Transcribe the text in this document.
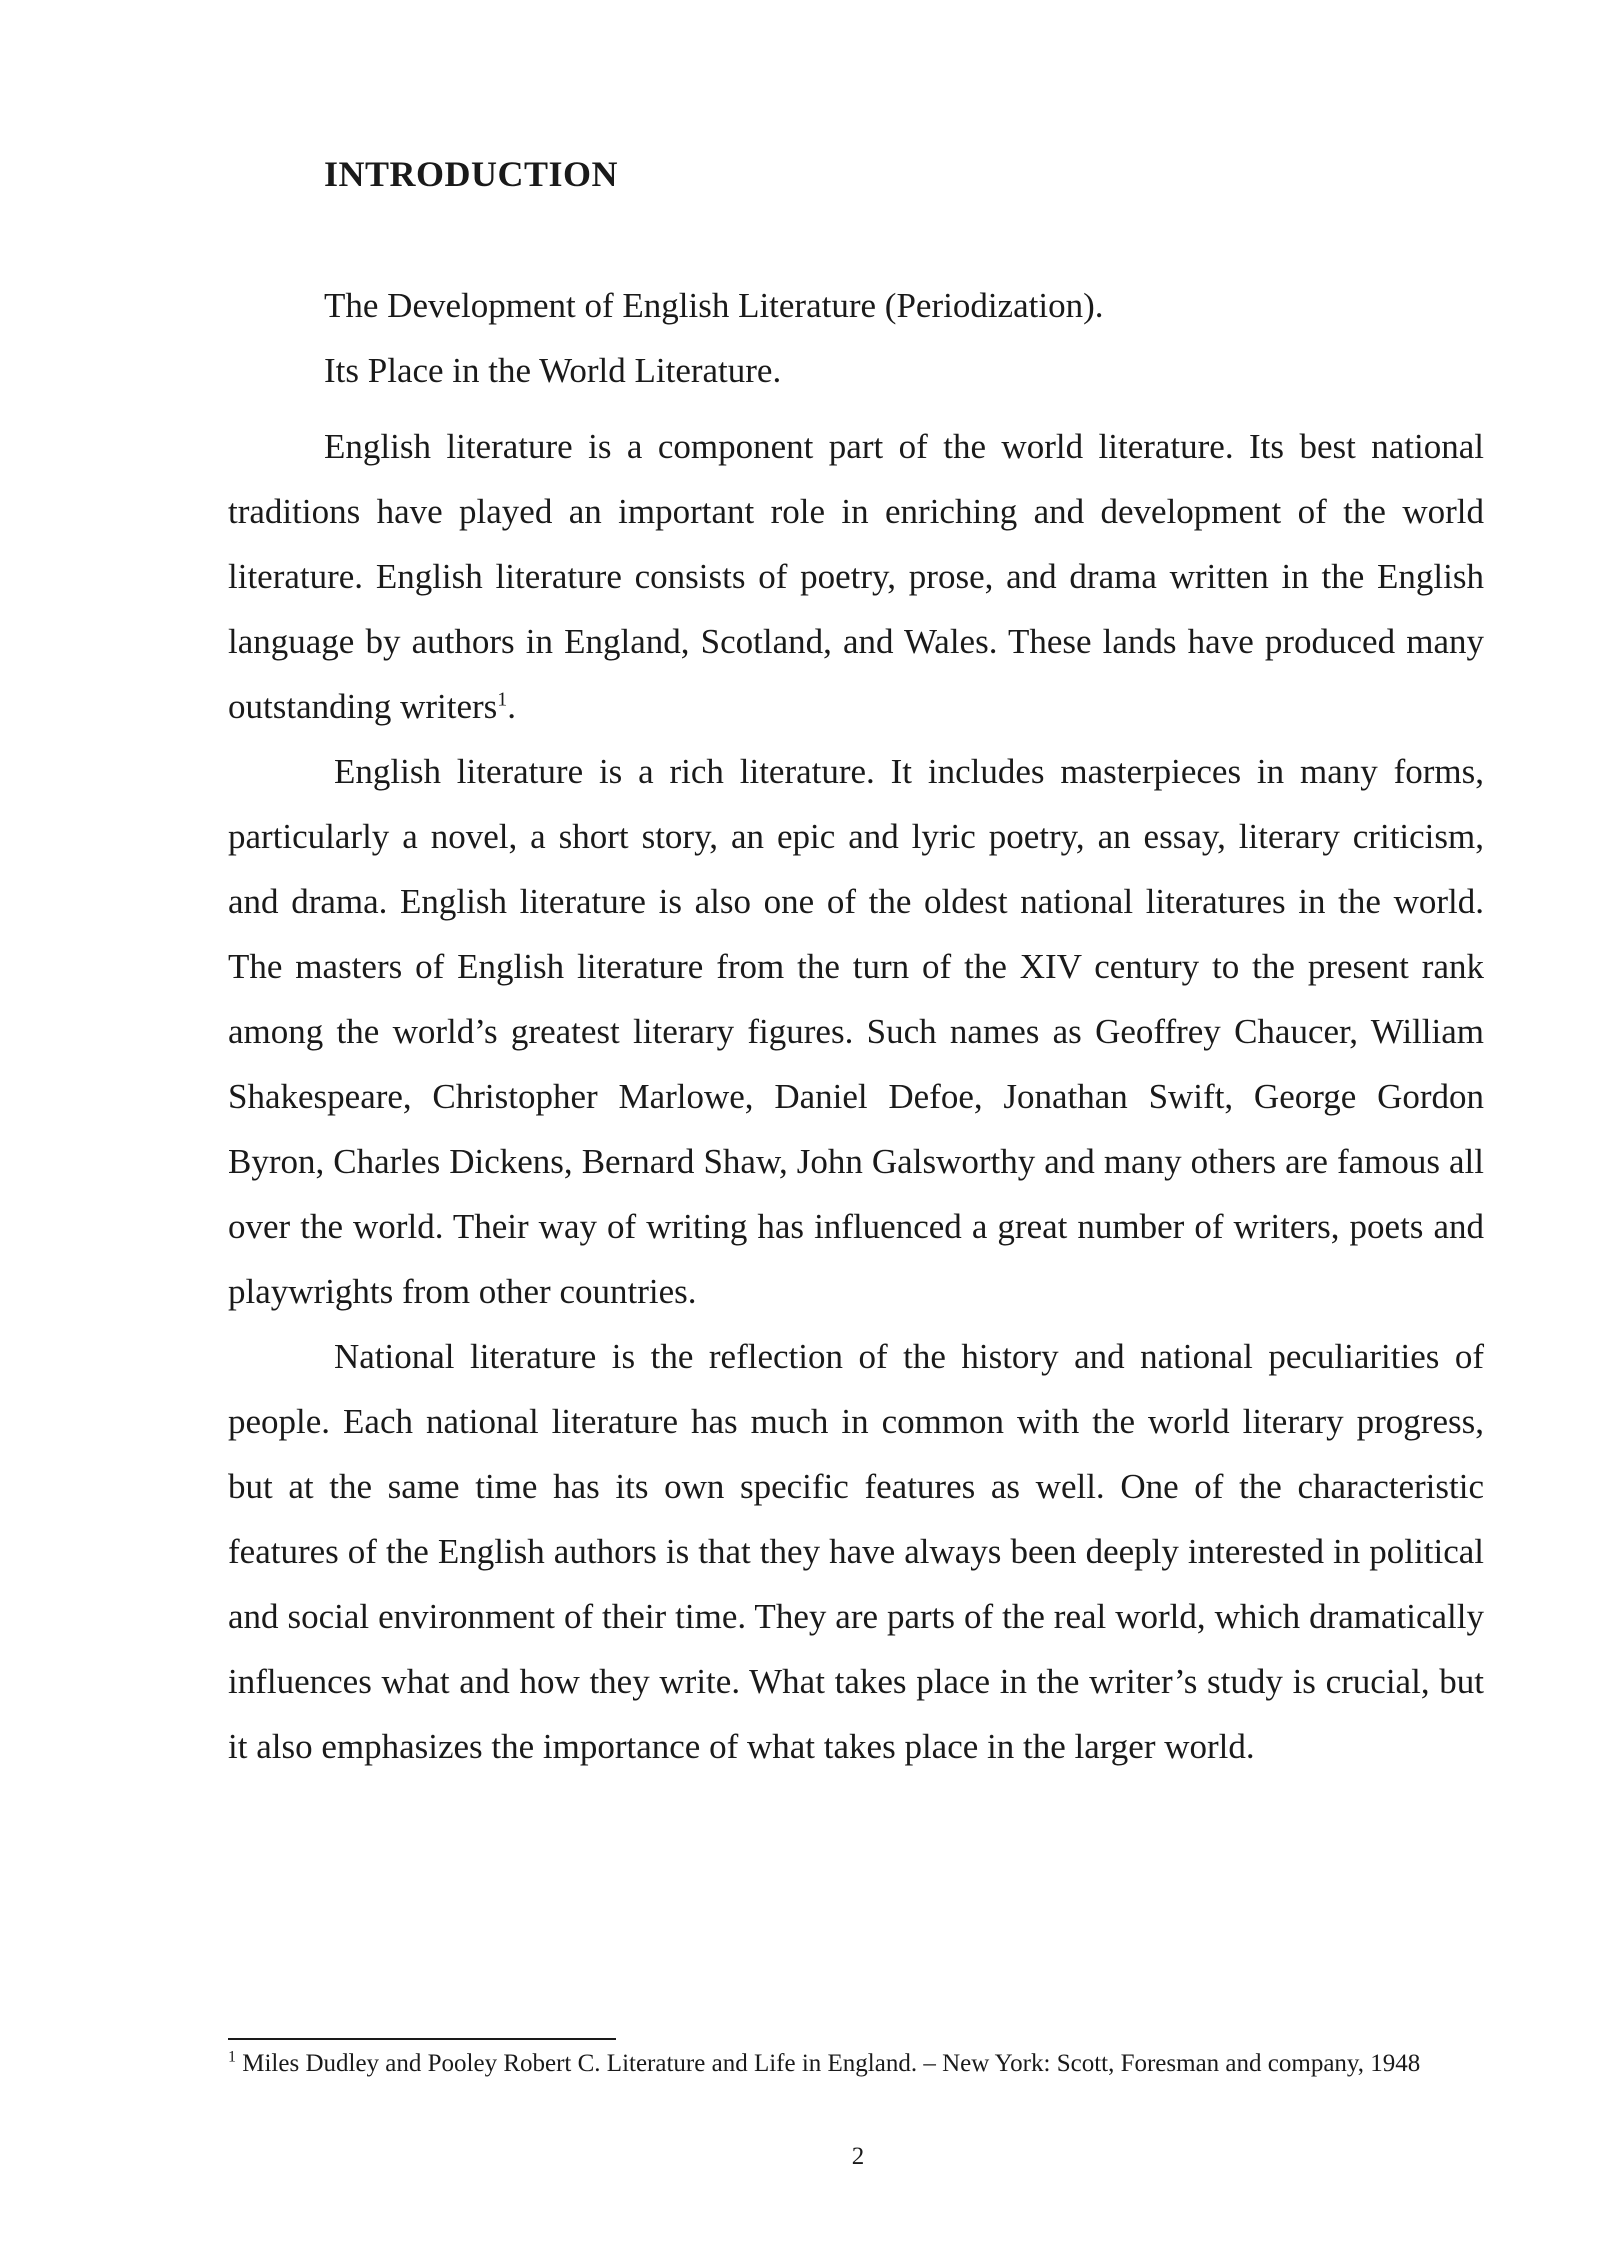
INTRODUCTION
The Development of English Literature (Periodization).
Its Place in the World Literature.

English literature is a component part of the world literature. Its best national traditions have played an important role in enriching and development of the world literature. English literature consists of poetry, prose, and drama written in the English language by authors in England, Scotland, and Wales. These lands have produced many outstanding writers$^1$.

English literature is a rich literature. It includes masterpieces in many forms, particularly a novel, a short story, an epic and lyric poetry, an essay, literary criticism, and drama. English literature is also one of the oldest national literatures in the world. The masters of English literature from the turn of the XIV century to the present rank among the world’s greatest literary figures. Such names as Geoffrey Chaucer, William Shakespeare, Christopher Marlowe, Daniel Defoe, Jonathan Swift, George Gordon Byron, Charles Dickens, Bernard Shaw, John Galsworthy and many others are famous all over the world. Their way of writing has influenced a great number of writers, poets and playwrights from other countries.

National literature is the reflection of the history and national peculiarities of people. Each national literature has much in common with the world literary progress, but at the same time has its own specific features as well. One of the characteristic features of the English authors is that they have always been deeply interested in political and social environment of their time. They are parts of the real world, which dramatically influences what and how they write. What takes place in the writer’s study is crucial, but it also emphasizes the importance of what takes place in the larger world.

$^1$ Miles Dudley and Pooley Robert C. Literature and Life in England. – New York: Scott, Foresman and company, 1948
2
